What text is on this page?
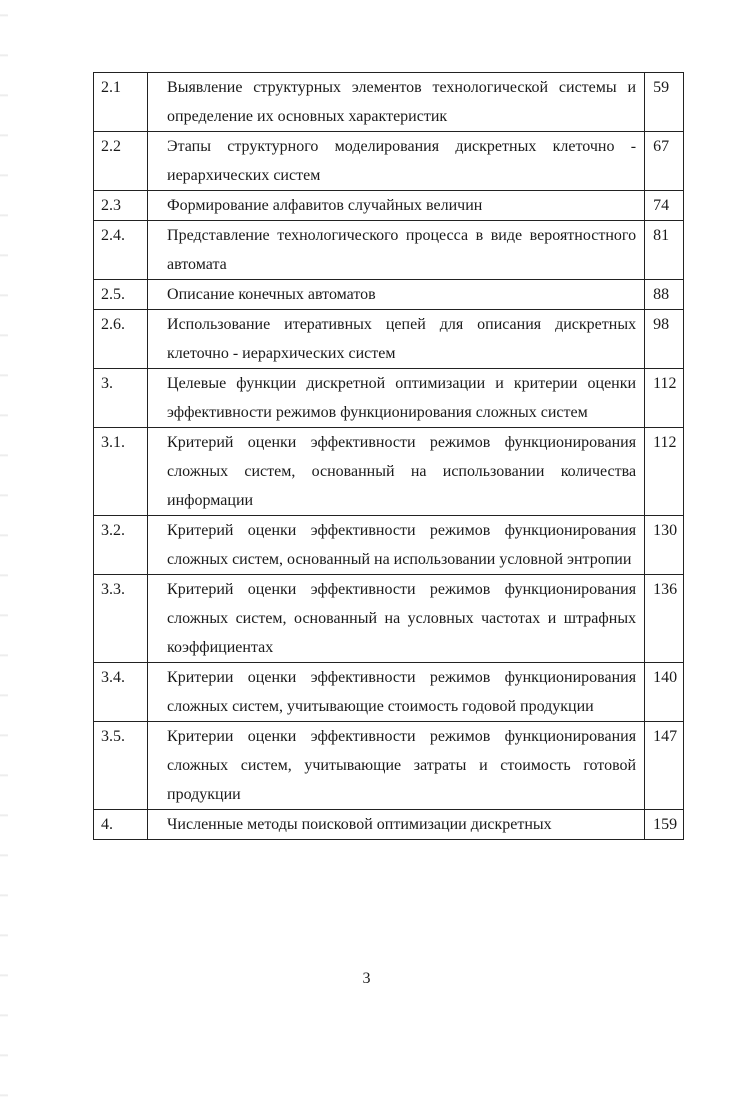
2.1	Выявление структурных элементов технологической системы и определение их основных характеристик	59
2.2	Этапы структурного моделирования дискретных клеточно - иерархических систем	67
2.3	Формирование алфавитов случайных величин	74
2.4.	Представление технологического процесса в виде вероятностного автомата	81
2.5.	Описание конечных автоматов	88
2.6.	Использование итеративных цепей для описания дискретных клеточно - иерархических систем	98
3.	Целевые функции дискретной оптимизации и критерии оценки эффективности режимов функционирования сложных систем	112
3.1.	Критерий оценки эффективности режимов функционирования сложных систем, основанный на использовании количества информации	112
3.2.	Критерий оценки эффективности режимов функционирования сложных систем, основанный на использовании условной энтропии	130
3.3.	Критерий оценки эффективности режимов функционирования сложных систем, основанный на условных частотах и штрафных коэффициентах	136
3.4.	Критерии оценки эффективности режимов функционирования сложных систем, учитывающие стоимость годовой продукции	140
3.5.	Критерии оценки эффективности режимов функционирования сложных систем, учитывающие затраты и стоимость готовой продукции	147
4.	Численные методы поисковой оптимизации дискретных	159
3
